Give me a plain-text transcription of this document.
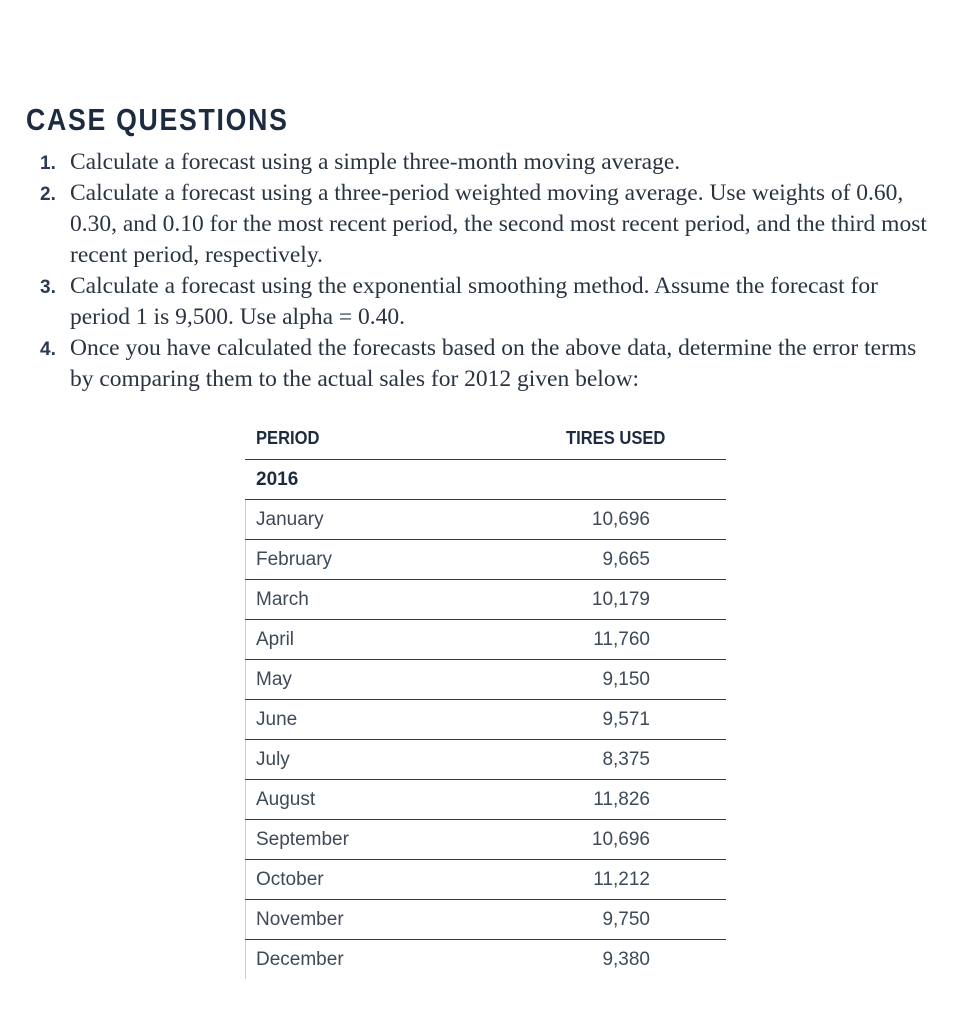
CASE QUESTIONS
1. Calculate a forecast using a simple three-month moving average.
2. Calculate a forecast using a three-period weighted moving average. Use weights of 0.60, 0.30, and 0.10 for the most recent period, the second most recent period, and the third most recent period, respectively.
3. Calculate a forecast using the exponential smoothing method. Assume the forecast for period 1 is 9,500. Use alpha = 0.40.
4. Once you have calculated the forecasts based on the above data, determine the error terms by comparing them to the actual sales for 2012 given below:
PERIOD	TIRES USED
2016
January	10,696
February	9,665
March	10,179
April	11,760
May	9,150
June	9,571
July	8,375
August	11,826
September	10,696
October	11,212
November	9,750
December	9,380
